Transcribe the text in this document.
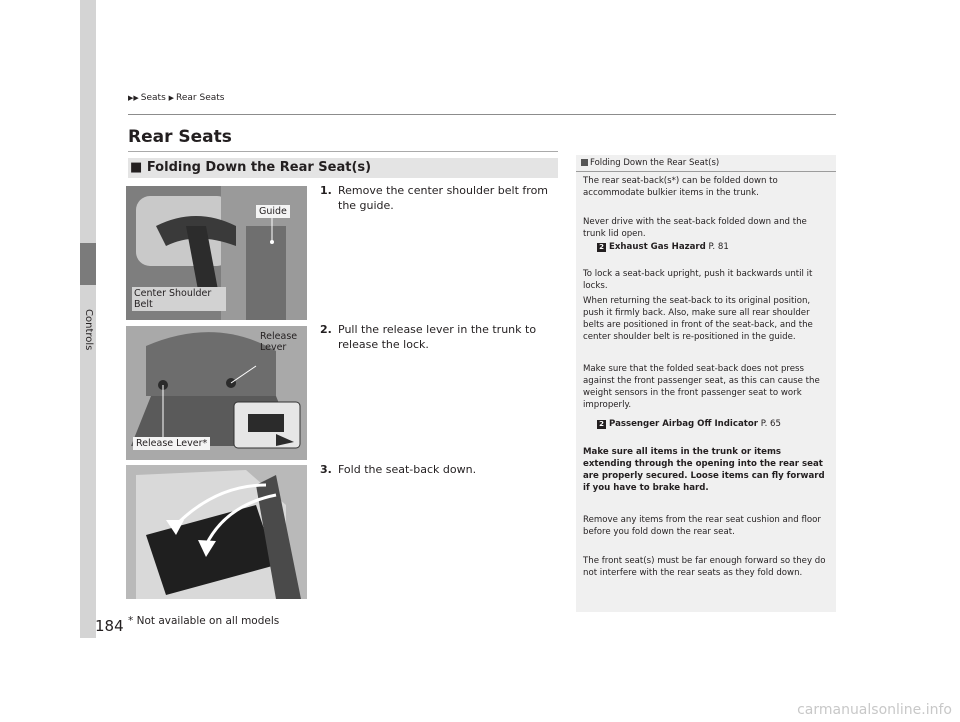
Controls
▶▶ Seats ▶ Rear Seats
Rear Seats
■ Folding Down the Rear Seat(s)
Guide
Center Shoulder Belt
Release Lever
Release Lever*
1. Remove the center shoulder belt from the guide.
2. Pull the release lever in the trunk to release the lock.
3. Fold the seat-back down.
Folding Down the Rear Seat(s)
The rear seat-back(s*) can be folded down to accommodate bulkier items in the trunk.
Never drive with the seat-back folded down and the trunk lid open.
2 Exhaust Gas Hazard P. 81
To lock a seat-back upright, push it backwards until it locks.
When returning the seat-back to its original position, push it firmly back. Also, make sure all rear shoulder belts are positioned in front of the seat-back, and the center shoulder belt is re-positioned in the guide.
Make sure that the folded seat-back does not press against the front passenger seat, as this can cause the weight sensors in the front passenger seat to work improperly.
2 Passenger Airbag Off Indicator P. 65
Make sure all items in the trunk or items extending through the opening into the rear seat are properly secured. Loose items can fly forward if you have to brake hard.
Remove any items from the rear seat cushion and floor before you fold down the rear seat.
The front seat(s) must be far enough forward so they do not interfere with the rear seats as they fold down.
184 * Not available on all models
carmanualsonline.info
